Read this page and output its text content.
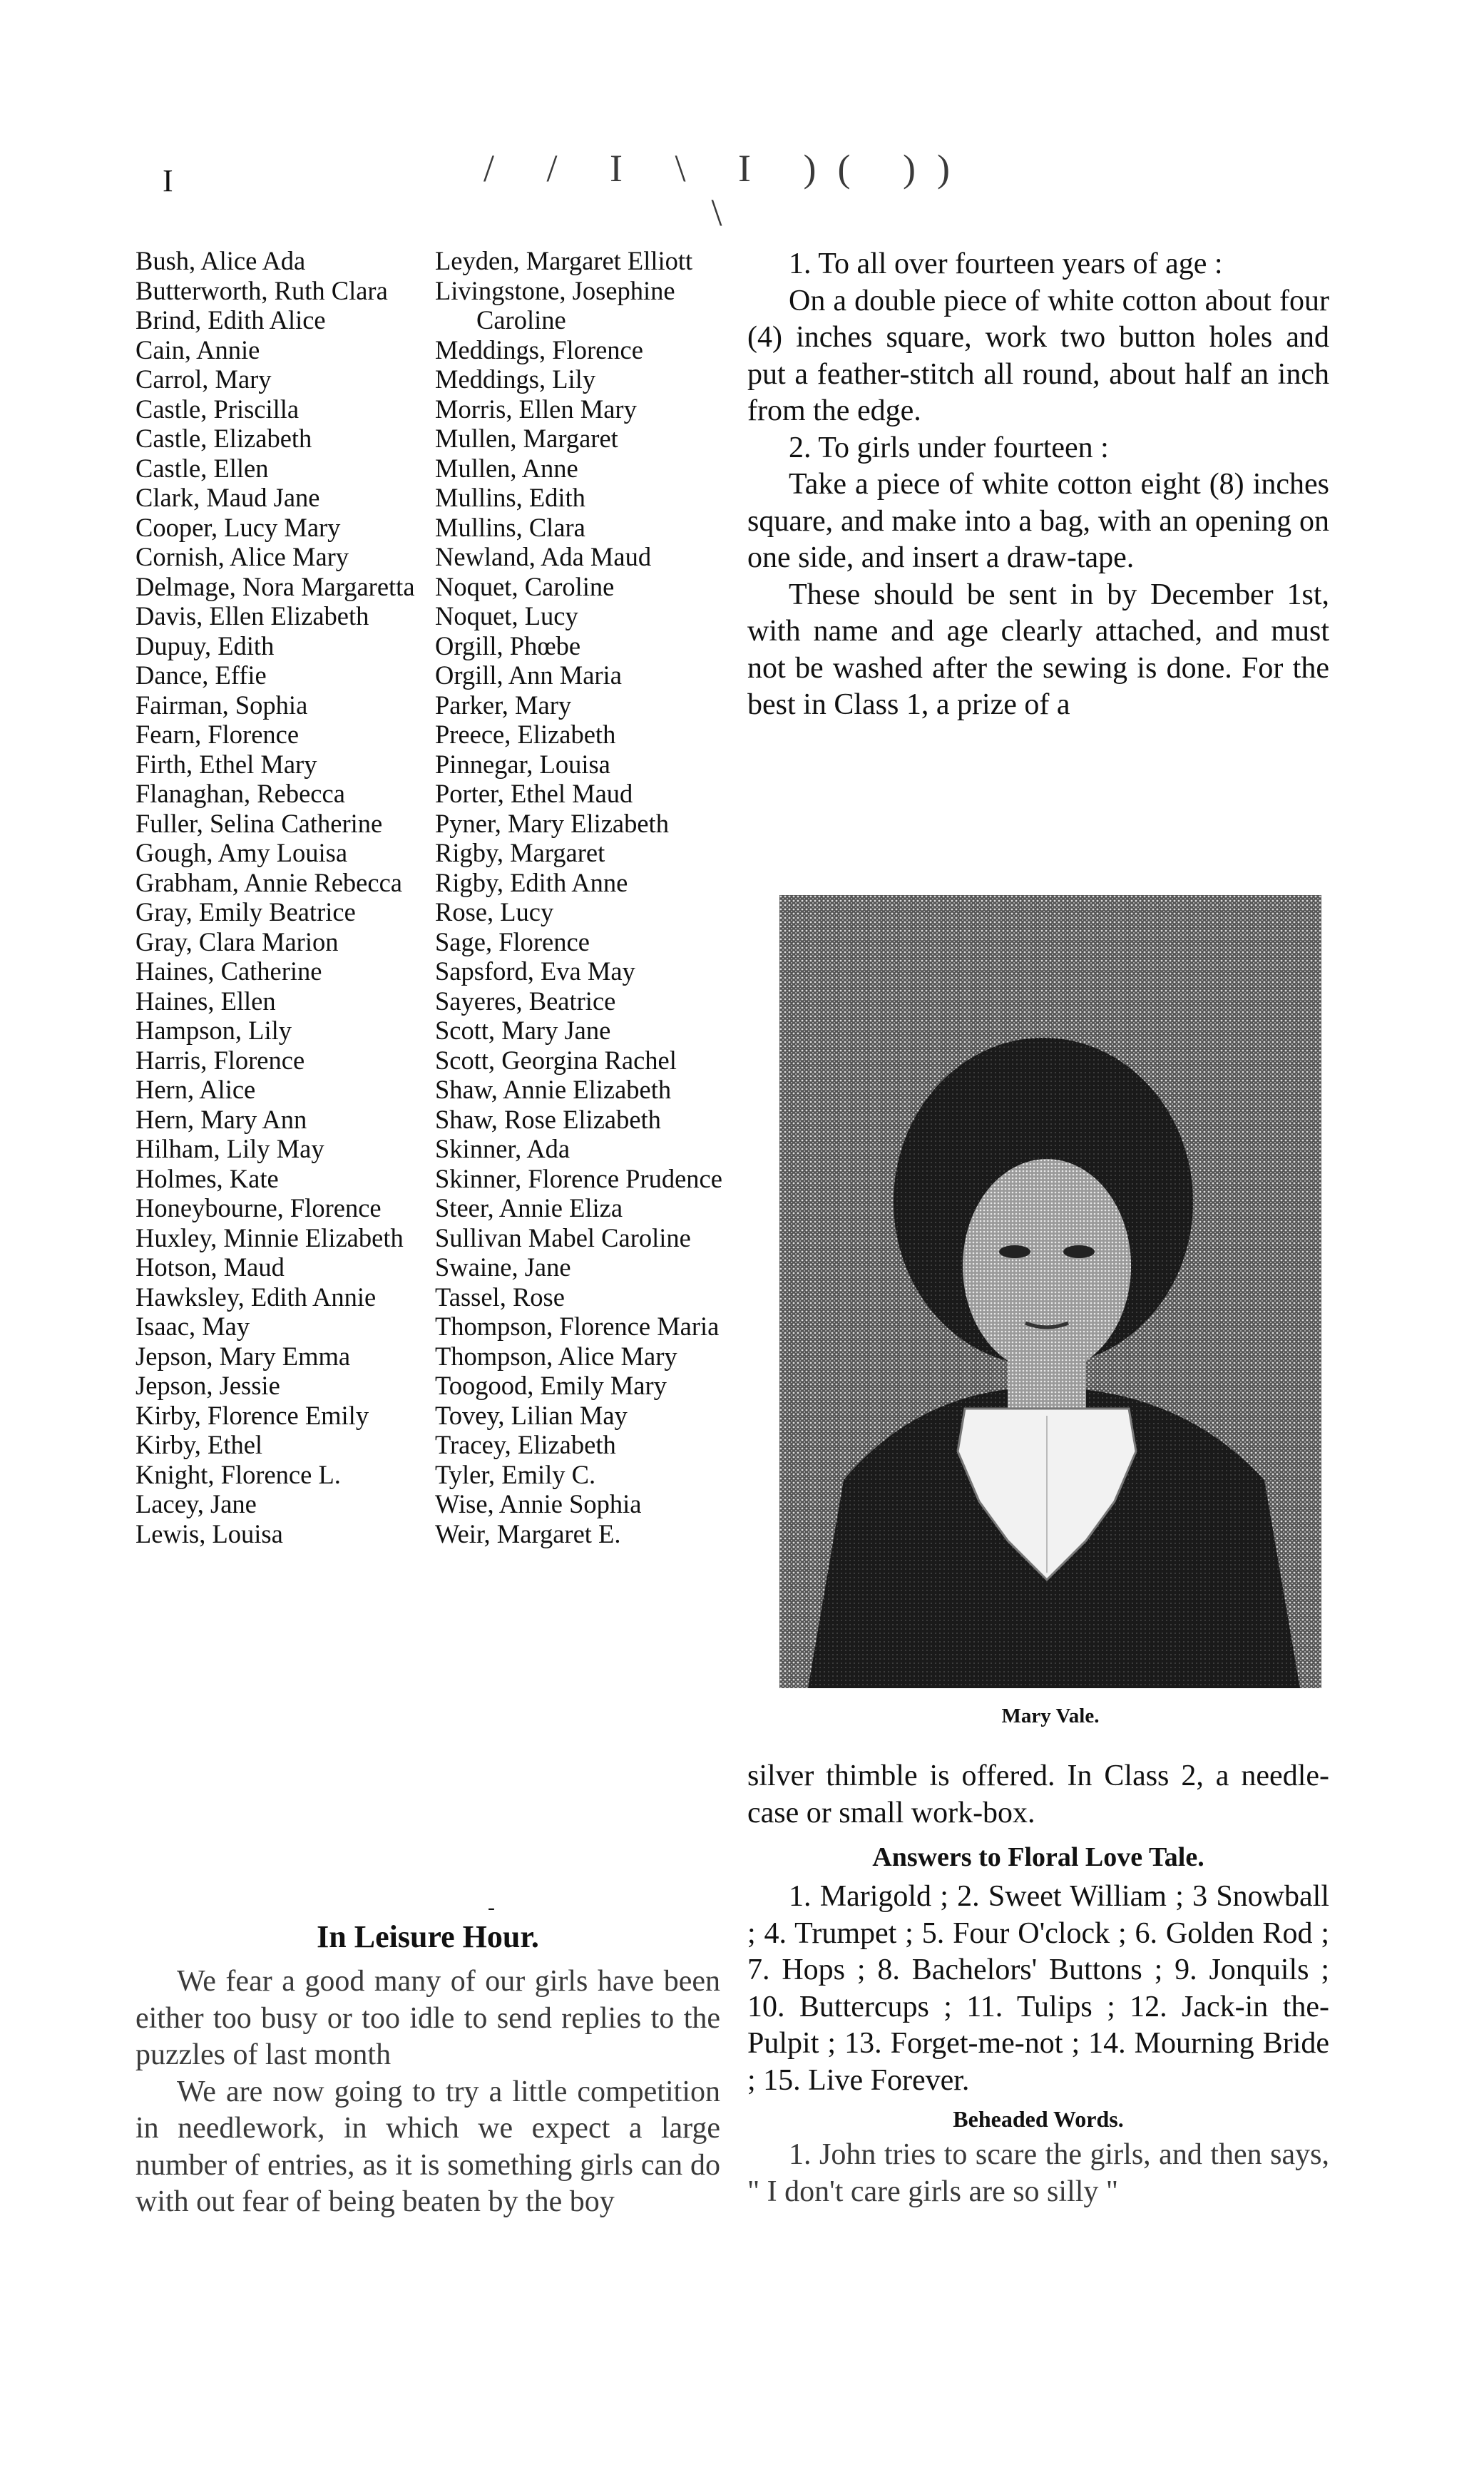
I	/ / I \ I )( )) \

Bush, Alice Ada

Butterworth, Ruth Clara

Brind, Edith Alice

Cain, Annie

Carrol, Mary

Castle, Priscilla

Castle, Elizabeth

Castle, Ellen

Clark, Maud Jane

Cooper, Lucy Mary

Cornish, Alice Mary

Delmage, Nora Margaretta

Davis, Ellen Elizabeth

Dupuy, Edith

Dance, Effie

Fairman, Sophia

Fearn, Florence

Firth, Ethel Mary

Flanaghan, Rebecca

Fuller, Selina Catherine

Gough, Amy Louisa

Grabham, Annie Rebecca

Gray, Emily Beatrice

Gray, Clara Marion

Haines, Catherine

Haines, Ellen

Hampson, Lily

Harris, Florence

Hern, Alice

Hern, Mary Ann

Hilham, Lily May

Holmes, Kate

Honeybourne, Florence

Huxley, Minnie Elizabeth

Hotson, Maud

Hawksley, Edith Annie

Isaac, May

Jepson, Mary Emma

Jepson, Jessie

Kirby, Florence Emily

Kirby, Ethel

Knight, Florence L.

Lacey, Jane

Lewis, Louisa

Leyden, Margaret Elliott

Livingstone, Josephine Caroline

Meddings, Florence

Meddings, Lily

Morris, Ellen Mary

Mullen, Margaret

Mullen, Anne

Mullins, Edith

Mullins, Clara

Newland, Ada Maud

Noquet, Caroline

Noquet, Lucy

Orgill, Phœbe

Orgill, Ann Maria

Parker, Mary

Preece, Elizabeth

Pinnegar, Louisa

Porter, Ethel Maud

Pyner, Mary Elizabeth

Rigby, Margaret

Rigby, Edith Anne

Rose, Lucy

Sage, Florence

Sapsford, Eva May

Sayeres, Beatrice

Scott, Mary Jane

Scott, Georgina Rachel

Shaw, Annie Elizabeth

Shaw, Rose Elizabeth

Skinner, Ada

Skinner, Florence Prudence

Steer, Annie Eliza

Sullivan Mabel Caroline

Swaine, Jane

Tassel, Rose

Thompson, Florence Maria

Thompson, Alice Mary

Toogood, Emily Mary

Tovey, Lilian May

Tracey, Elizabeth

Tyler, Emily C.

Wise, Annie Sophia

Weir, Margaret E.

1. To all over fourteen years of age :

On a double piece of white cotton about four (4) inches square, work two button holes and put a feather-stitch all round, about half an inch from the edge.

2. To girls under fourteen :

Take a piece of white cotton eight (8) inches square, and make into a bag, with an opening on one side, and insert a draw-tape.

These should be sent in by December 1st, with name and age clearly attached, and must not be washed after the sewing is done. For the best in Class 1, a prize of a

Mary Vale.

silver thimble is offered. In Class 2, a needle-case or small work-box.

Answers to Floral Love Tale.

1. Marigold ; 2. Sweet William ; 3 Snowball ; 4. Trumpet ; 5. Four O'clock ; 6. Golden Rod ; 7. Hops ; 8. Bachelors' Buttons ; 9. Jonquils ; 10. Buttercups ; 11. Tulips ; 12. Jack-in the-Pulpit ; 13. Forget-me-not ; 14. Mourning Bride ; 15. Live Forever.

Beheaded Words.

1. John tries to scare the girls, and then says, " I don't care girls are so silly "

-
In Leisure Hour.

We fear a good many of our girls have been either too busy or too idle to send replies to the puzzles of last month

We are now going to try a little competition in needlework, in which we expect a large number of entries, as it is something girls can do with out fear of being beaten by the boy
